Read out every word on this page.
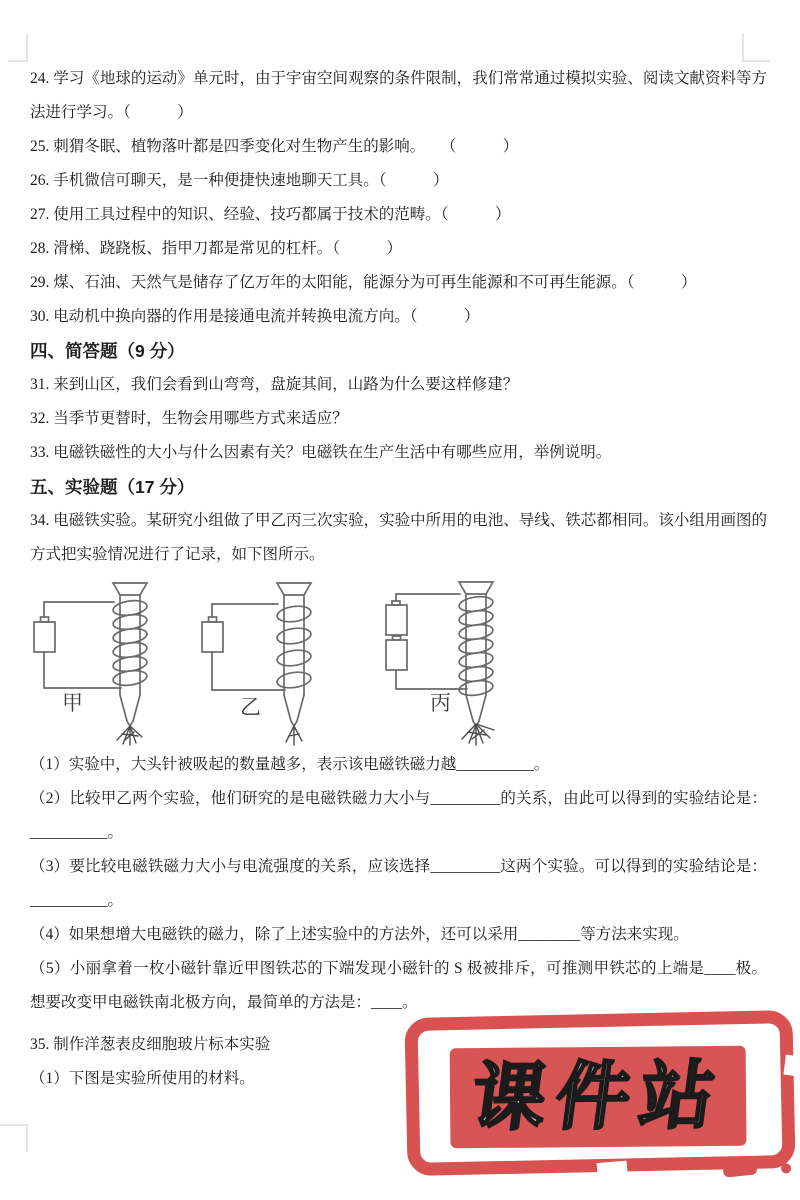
24. 学习《地球的运动》单元时，由于宇宙空间观察的条件限制，我们常常通过模拟实验、阅读文献资料等方法进行学习。（　　　）

25. 刺猬冬眠、植物落叶都是四季变化对生物产生的影响。　　（　　　）

26. 手机微信可聊天，是一种便捷快速地聊天工具。（　　　）

27. 使用工具过程中的知识、经验、技巧都属于技术的范畴。（　　　）

28. 滑梯、跷跷板、指甲刀都是常见的杠杆。（　　　）

29. 煤、石油、天然气是储存了亿万年的太阳能，能源分为可再生能源和不可再生能源。（　　　）

30. 电动机中换向器的作用是接通电流并转换电流方向。（　　　）

四、简答题（9 分）

31. 来到山区，我们会看到山弯弯，盘旋其间，山路为什么要这样修建？

32. 当季节更替时，生物会用哪些方式来适应？

33. 电磁铁磁性的大小与什么因素有关？电磁铁在生产生活中有哪些应用，举例说明。

五、实验题（17 分）

34. 电磁铁实验。某研究小组做了甲乙丙三次实验，实验中所用的电池、导线、铁芯都相同。该小组用画图的方式把实验情况进行了记录，如下图所示。

甲	乙	丙

（1）实验中，大头针被吸起的数量越多，表示该电磁铁磁力越__________。

（2）比较甲乙两个实验，他们研究的是电磁铁磁力大小与_________的关系，由此可以得到的实验结论是：__________。

（3）要比较电磁铁磁力大小与电流强度的关系，应该选择_________这两个实验。可以得到的实验结论是：__________。

（4）如果想增大电磁铁的磁力，除了上述实验中的方法外，还可以采用________等方法来实现。

（5）小丽拿着一枚小磁针靠近甲图铁芯的下端发现小磁针的 S 极被排斥，可推测甲铁芯的上端是____极。想要改变甲电磁铁南北极方向，最简单的方法是：____。

35. 制作洋葱表皮细胞玻片标本实验

（1）下图是实验所使用的材料。	课件站
